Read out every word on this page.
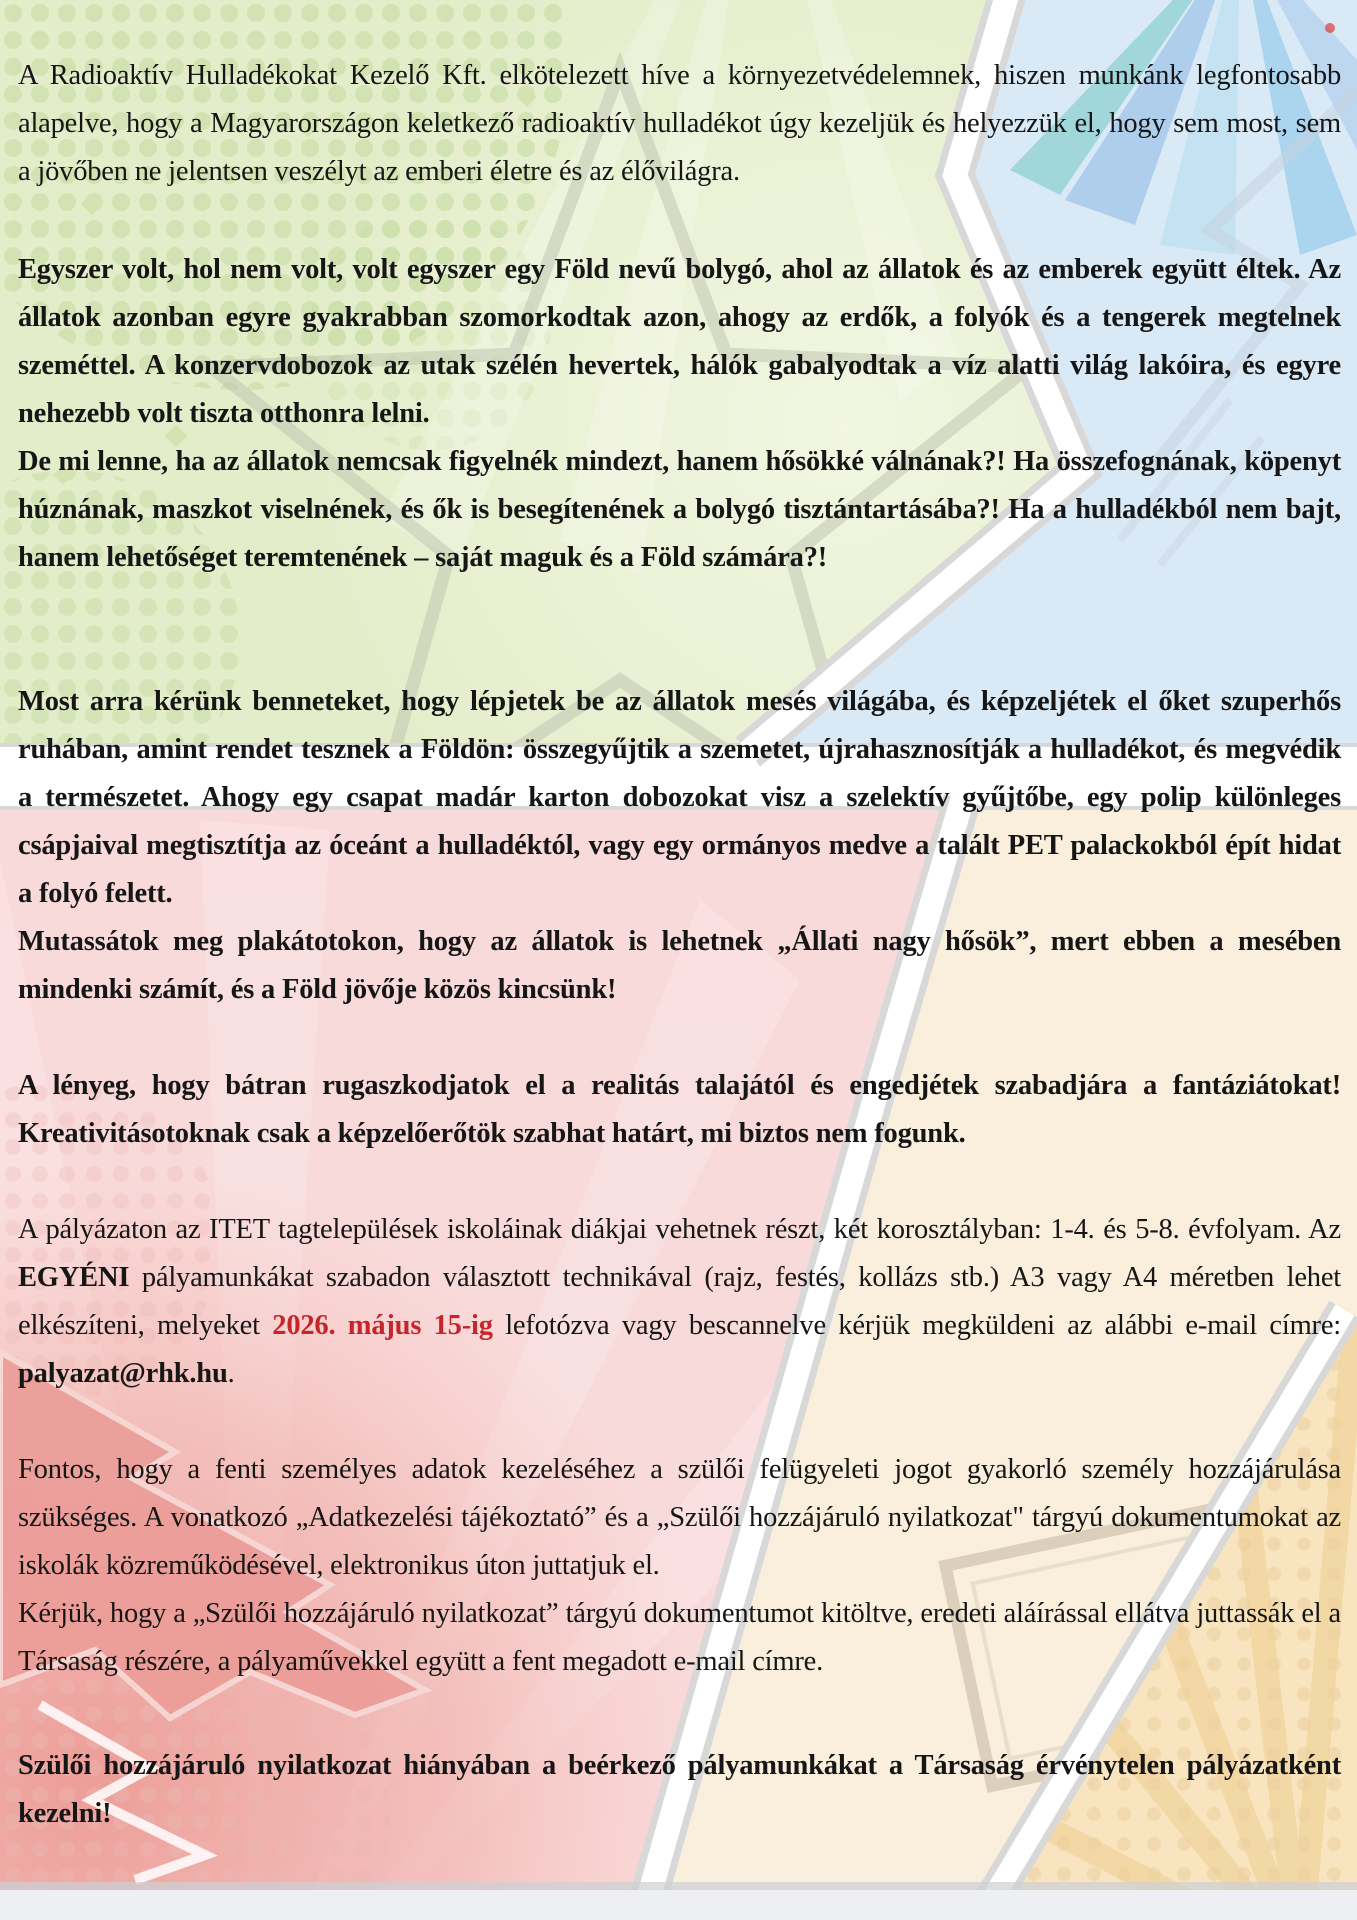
A Radioaktív Hulladékokat Kezelő Kft. elkötelezett híve a környezetvédelemnek, hiszen munkánk legfontosabb alapelve, hogy a Magyarországon keletkező radioaktív hulladékot úgy kezeljük és helyezzük el, hogy sem most, sem a jövőben ne jelentsen veszélyt az emberi életre és az élővilágra.

Egyszer volt, hol nem volt, volt egyszer egy Föld nevű bolygó, ahol az állatok és az emberek együtt éltek. Az állatok azonban egyre gyakrabban szomorkodtak azon, ahogy az erdők, a folyók és a tengerek megtelnek szeméttel. A konzervdobozok az utak szélén hevertek, hálók gabalyodtak a víz alatti világ lakóira, és egyre nehezebb volt tiszta otthonra lelni.

De mi lenne, ha az állatok nemcsak figyelnék mindezt, hanem hősökké válnának?! Ha összefognának, köpenyt húznának, maszkot viselnének, és ők is besegítenének a bolygó tisztántartásába?! Ha a hulladékból nem bajt, hanem lehetőséget teremtenének – saját maguk és a Föld számára?!

Most arra kérünk benneteket, hogy lépjetek be az állatok mesés világába, és képzeljétek el őket szuperhős ruhában, amint rendet tesznek a Földön: összegyűjtik a szemetet, újrahasznosítják a hulladékot, és megvédik a természetet. Ahogy egy csapat madár karton dobozokat visz a szelektív gyűjtőbe, egy polip különleges csápjaival megtisztítja az óceánt a hulladéktól, vagy egy ormányos medve a talált PET palackokból épít hidat a folyó felett.

Mutassátok meg plakátotokon, hogy az állatok is lehetnek „Állati nagy hősök”, mert ebben a mesében mindenki számít, és a Föld jövője közös kincsünk!

A lényeg, hogy bátran rugaszkodjatok el a realitás talajától és engedjétek szabadjára a fantáziátokat! Kreativitásotoknak csak a képzelőerőtök szabhat határt, mi biztos nem fogunk.

A pályázaton az ITET tagtelepülések iskoláinak diákjai vehetnek részt, két korosztályban: 1-4. és 5-8. évfolyam. Az EGYÉNI pályamunkákat szabadon választott technikával (rajz, festés, kollázs stb.) A3 vagy A4 méretben lehet elkészíteni, melyeket 2026. május 15-ig lefotózva vagy bescannelve kérjük megküldeni az alábbi e-mail címre: palyazat@rhk.hu.

Fontos, hogy a fenti személyes adatok kezeléséhez a szülői felügyeleti jogot gyakorló személy hozzájárulása szükséges. A vonatkozó „Adatkezelési tájékoztató” és a „Szülői hozzájáruló nyilatkozat" tárgyú dokumentumokat az iskolák közreműködésével, elektronikus úton juttatjuk el.

Kérjük, hogy a „Szülői hozzájáruló nyilatkozat” tárgyú dokumentumot kitöltve, eredeti aláírással ellátva juttassák el a Társaság részére, a pályaművekkel együtt a fent megadott e-mail címre.

Szülői hozzájáruló nyilatkozat hiányában a beérkező pályamunkákat a Társaság érvénytelen pályázatként kezelni!
